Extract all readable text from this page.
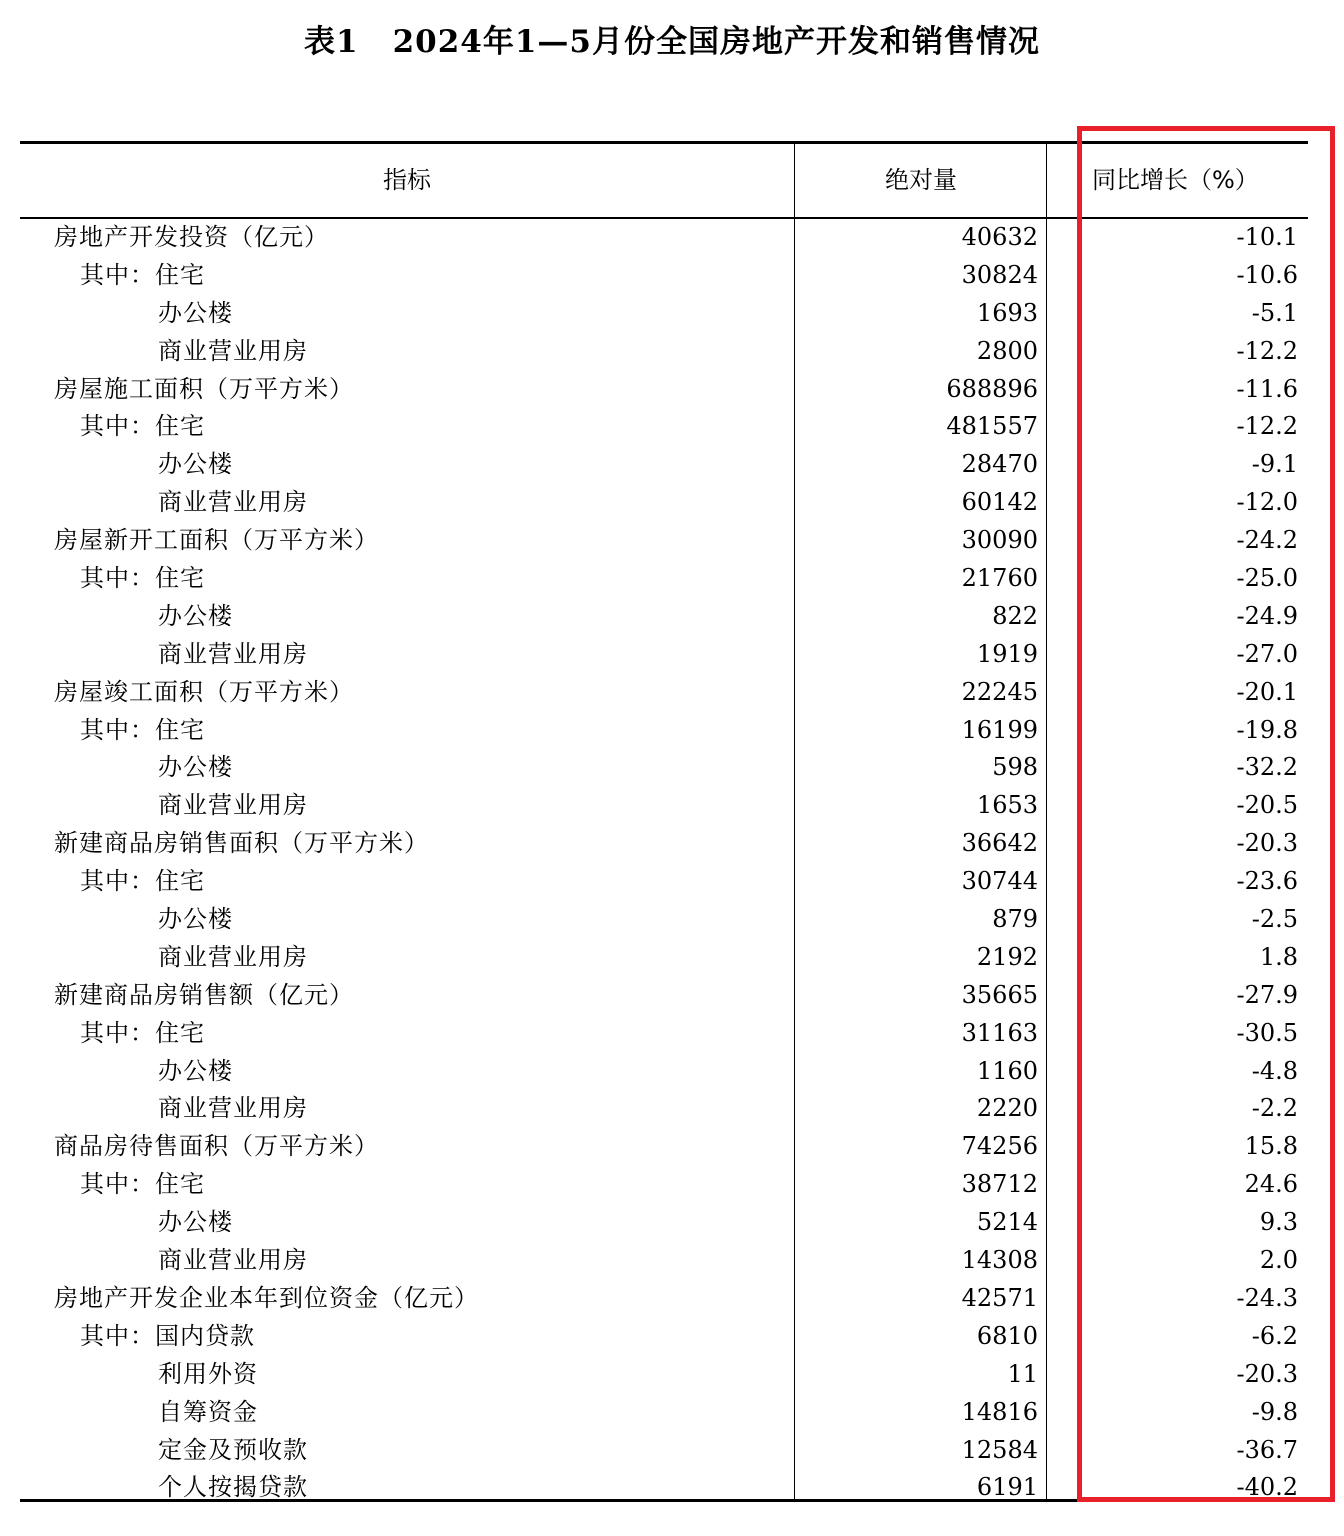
表1 2024年1—5月份全国房地产开发和销售情况
指标	绝对量	同比增长（%）
房地产开发投资（亿元）	40632	-10.1
其中：住宅	30824	-10.6
办公楼	1693	-5.1
商业营业用房	2800	-12.2
房屋施工面积（万平方米）	688896	-11.6
其中：住宅	481557	-12.2
办公楼	28470	-9.1
商业营业用房	60142	-12.0
房屋新开工面积（万平方米）	30090	-24.2
其中：住宅	21760	-25.0
办公楼	822	-24.9
商业营业用房	1919	-27.0
房屋竣工面积（万平方米）	22245	-20.1
其中：住宅	16199	-19.8
办公楼	598	-32.2
商业营业用房	1653	-20.5
新建商品房销售面积（万平方米）	36642	-20.3
其中：住宅	30744	-23.6
办公楼	879	-2.5
商业营业用房	2192	1.8
新建商品房销售额（亿元）	35665	-27.9
其中：住宅	31163	-30.5
办公楼	1160	-4.8
商业营业用房	2220	-2.2
商品房待售面积（万平方米）	74256	15.8
其中：住宅	38712	24.6
办公楼	5214	9.3
商业营业用房	14308	2.0
房地产开发企业本年到位资金（亿元）	42571	-24.3
其中：国内贷款	6810	-6.2
利用外资	11	-20.3
自筹资金	14816	-9.8
定金及预收款	12584	-36.7
个人按揭贷款	6191	-40.2
